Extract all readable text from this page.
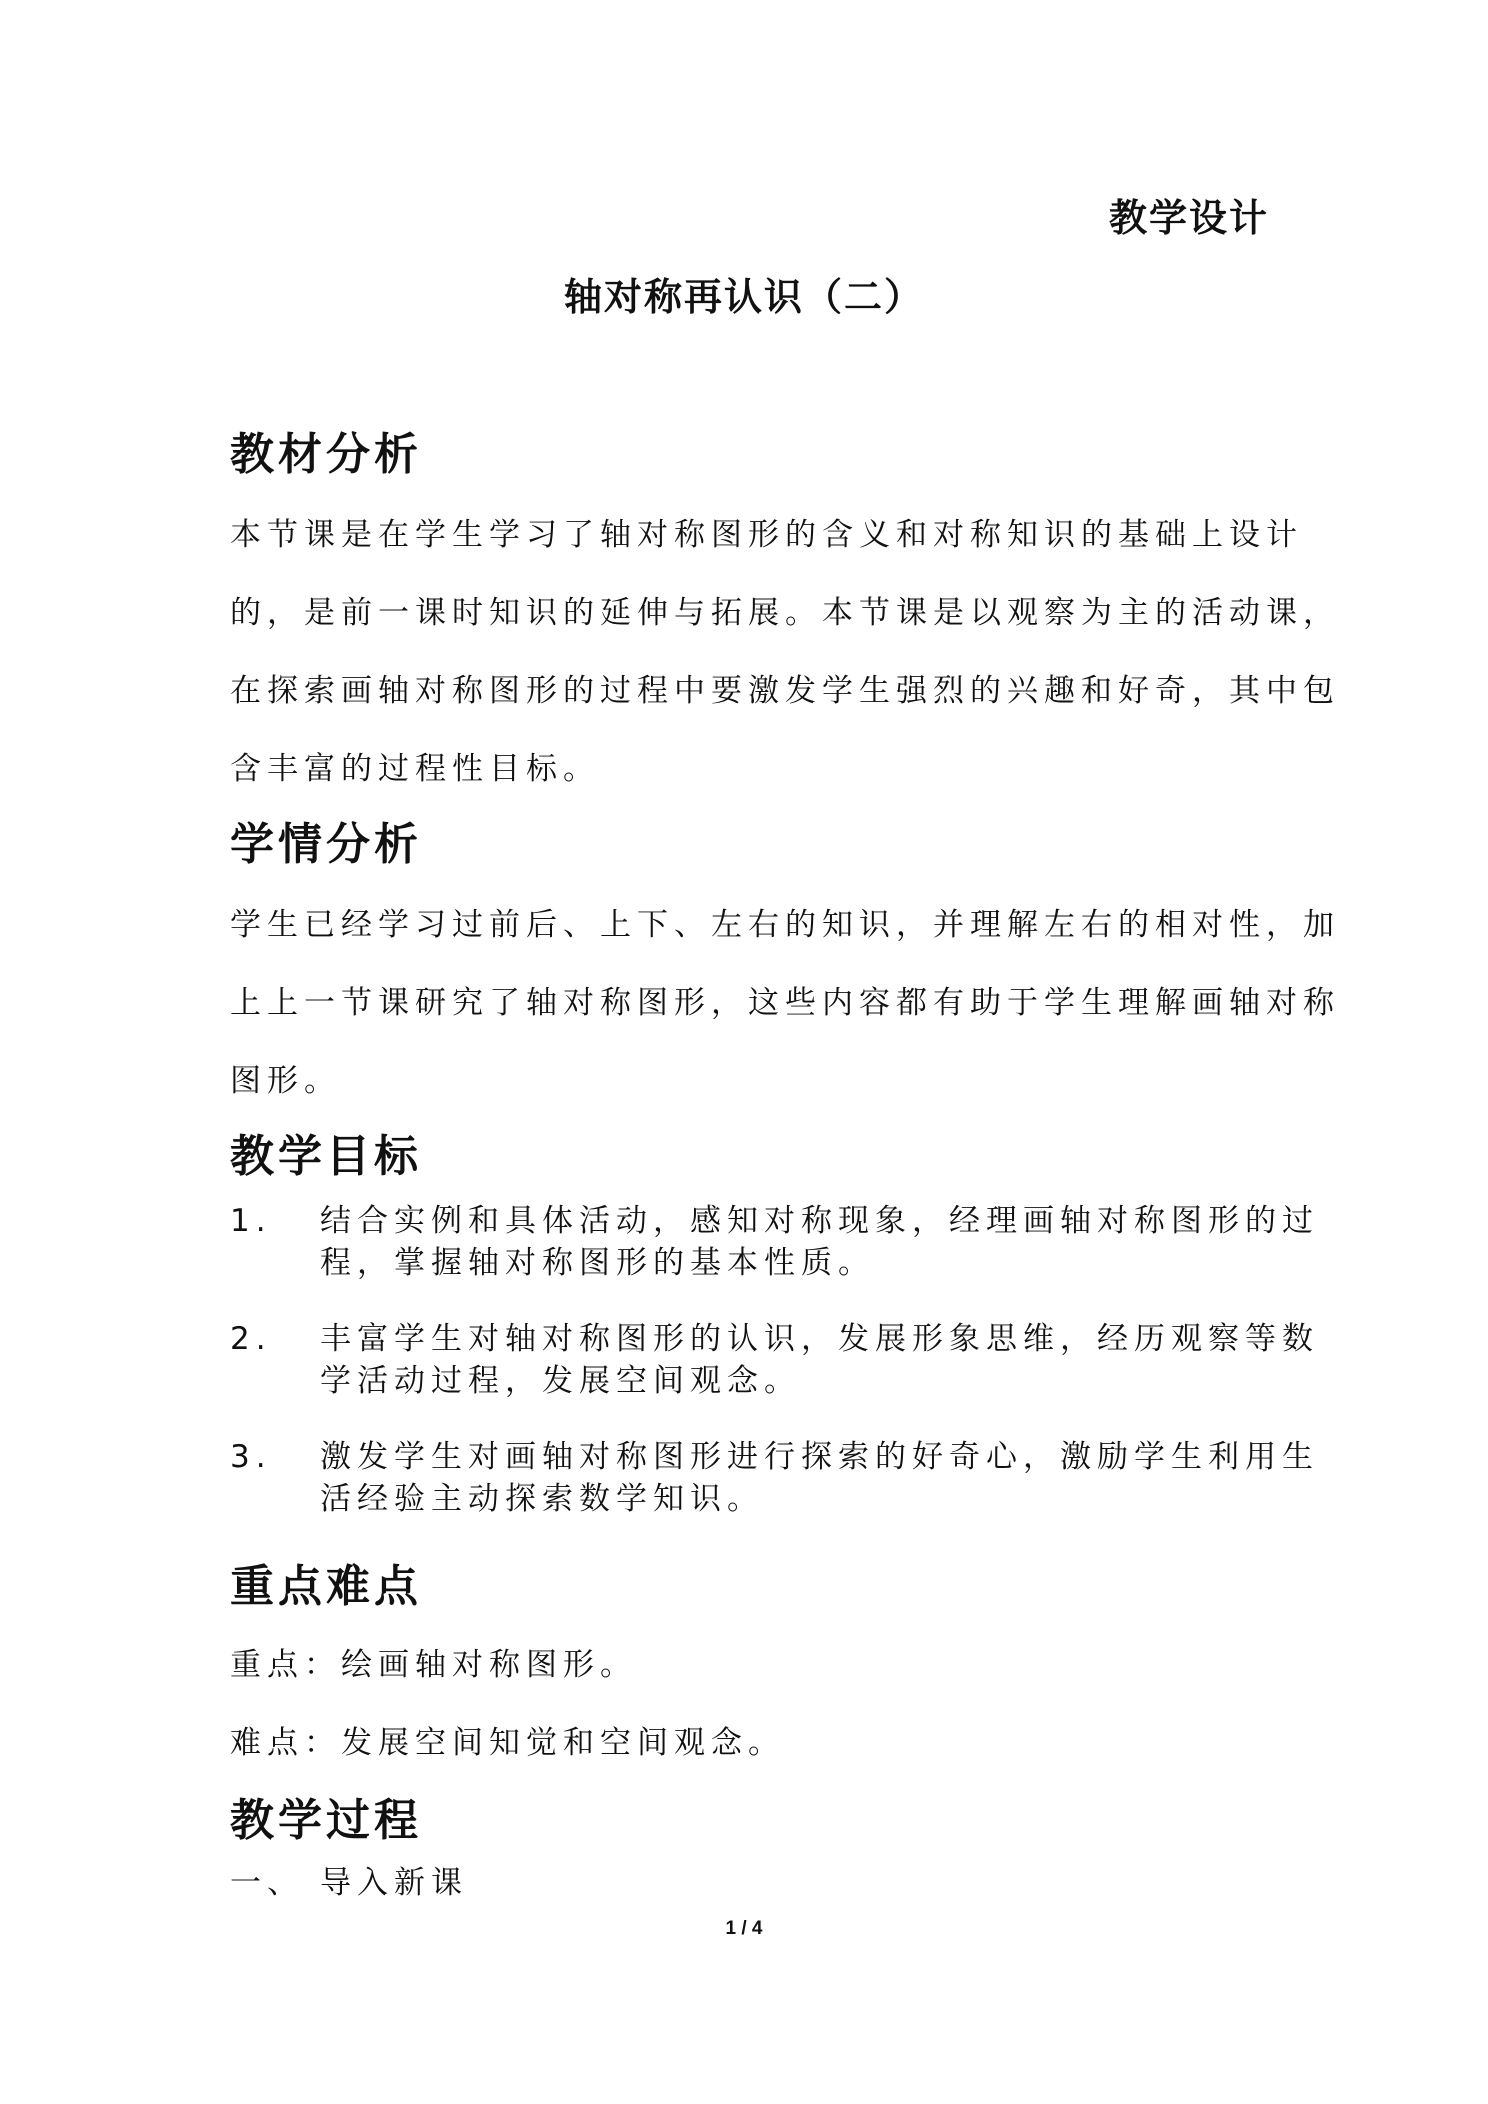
教学设计
轴对称再认识（二）
教材分析
本节课是在学生学习了轴对称图形的含义和对称知识的基础上设计
的，是前一课时知识的延伸与拓展。本节课是以观察为主的活动课，
在探索画轴对称图形的过程中要激发学生强烈的兴趣和好奇，其中包
含丰富的过程性目标。
学情分析
学生已经学习过前后、上下、左右的知识，并理解左右的相对性，加
上上一节课研究了轴对称图形，这些内容都有助于学生理解画轴对称
图形。
教学目标
1.	结合实例和具体活动，感知对称现象，经理画轴对称图形的过
程，掌握轴对称图形的基本性质。
2.	丰富学生对轴对称图形的认识，发展形象思维，经历观察等数
学活动过程，发展空间观念。
3.	激发学生对画轴对称图形进行探索的好奇心，激励学生利用生
活经验主动探索数学知识。
重点难点
重点：绘画轴对称图形。
难点：发展空间知觉和空间观念。
教学过程
一、 导入新课
1 / 4
